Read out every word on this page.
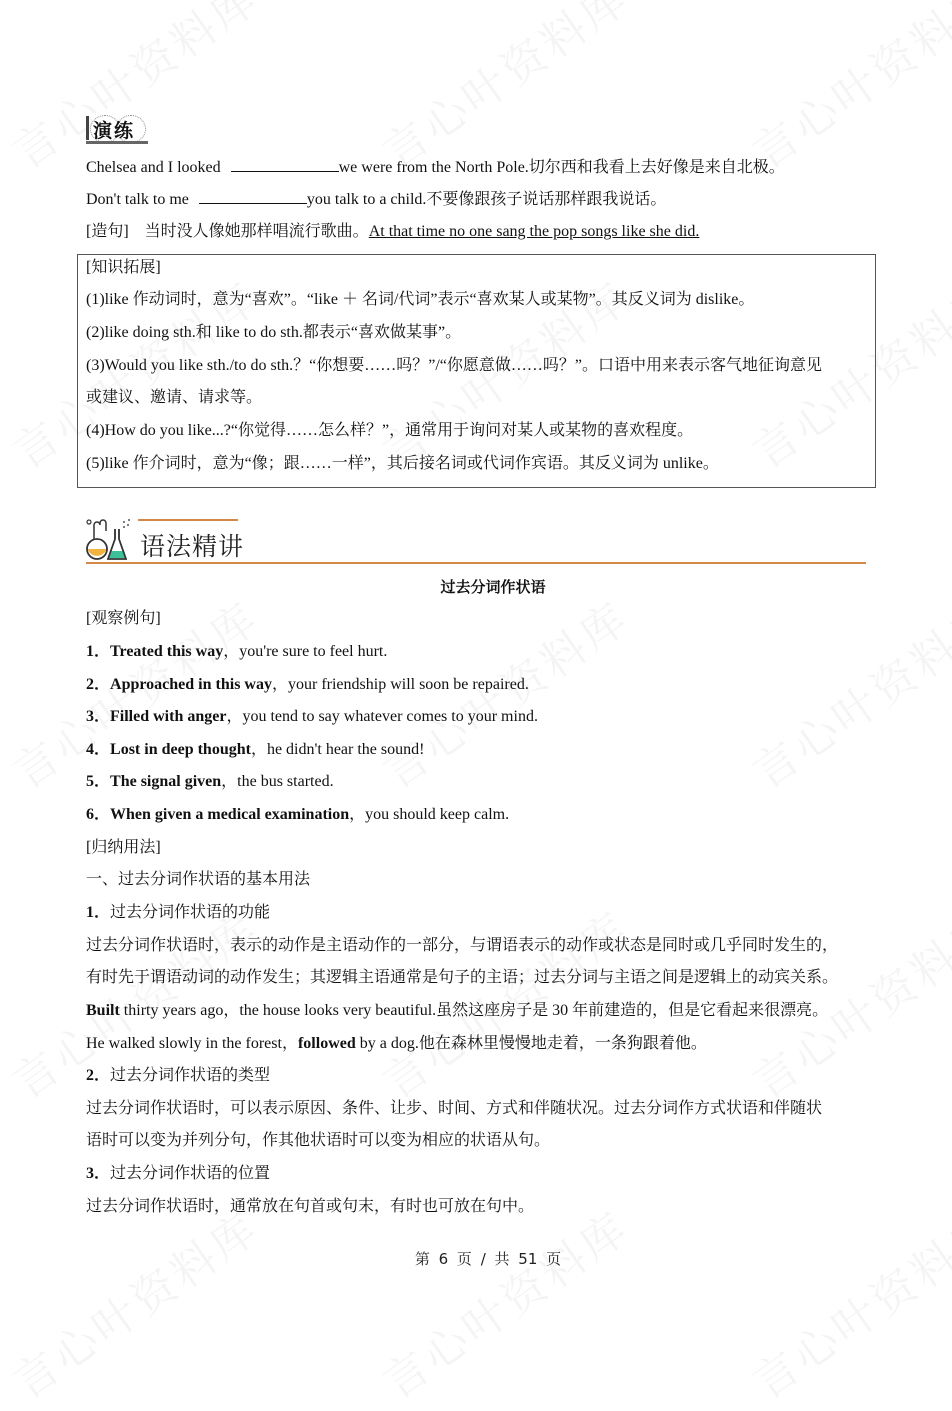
演练
Chelsea and I looked	we were from the North Pole.切尔西和我看上去好像是来自北极。
Don't talk to me	you talk to a child.不要像跟孩子说话那样跟我说话。
[造句] 当时没人像她那样唱流行歌曲。At that time no one sang the pop songs like she did.
[知识拓展]
(1)like 作动词时，意为“喜欢”。“like ＋ 名词/代词”表示“喜欢某人或某物”。其反义词为 dislike。
(2)like doing sth.和 like to do sth.都表示“喜欢做某事”。
(3)Would you like sth./to do sth.？“你想要……吗？”/“你愿意做……吗？”。口语中用来表示客气地征询意见
或建议、邀请、请求等。
(4)How do you like...?“你觉得……怎么样？”，通常用于询问对某人或某物的喜欢程度。
(5)like 作介词时，意为“像；跟……一样”，其后接名词或代词作宾语。其反义词为 unlike。
语法精讲
过去分词作状语
[观察例句]
1．Treated this way，you're sure to feel hurt.
2．Approached in this way，your friendship will soon be repaired.
3．Filled with anger，you tend to say whatever comes to your mind.
4．Lost in deep thought，he didn't hear the sound!
5．The signal given，the bus started.
6．When given a medical examination，you should keep calm.
[归纳用法]
一、过去分词作状语的基本用法
1．过去分词作状语的功能
过去分词作状语时，表示的动作是主语动作的一部分，与谓语表示的动作或状态是同时或几乎同时发生的，
有时先于谓语动词的动作发生；其逻辑主语通常是句子的主语；过去分词与主语之间是逻辑上的动宾关系。
Built thirty years ago，the house looks very beautiful.虽然这座房子是 30 年前建造的，但是它看起来很漂亮。
He walked slowly in the forest，followed by a dog.他在森林里慢慢地走着，一条狗跟着他。
2．过去分词作状语的类型
过去分词作状语时，可以表示原因、条件、让步、时间、方式和伴随状况。过去分词作方式状语和伴随状
语时可以变为并列分句，作其他状语时可以变为相应的状语从句。
3．过去分词作状语的位置
过去分词作状语时，通常放在句首或句末，有时也可放在句中。
第 6 页 / 共 51 页
